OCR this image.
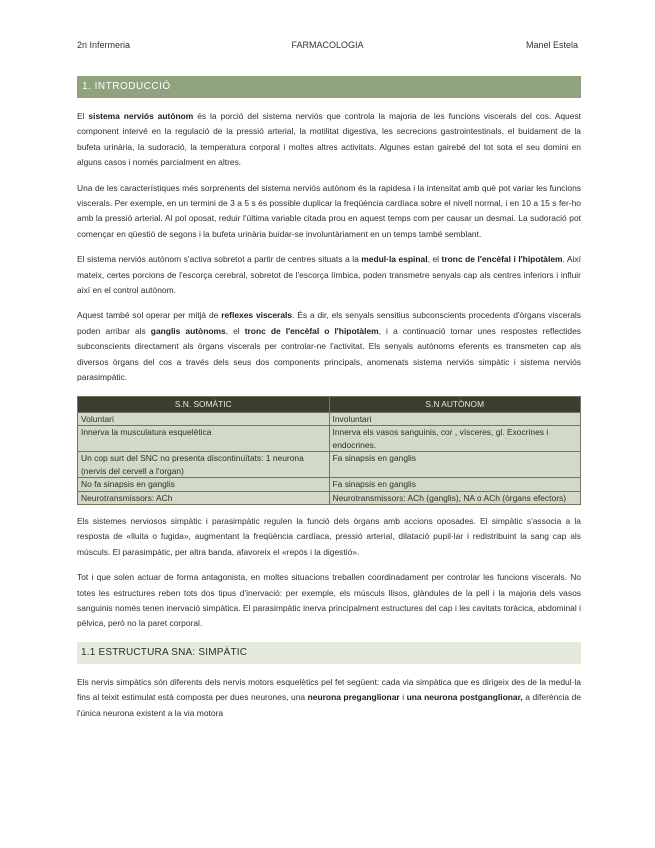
2n Infermeria	FARMACOLOGIA	Manel Estela
1. INTRODUCCIÓ

El sistema nerviós autònom és la porció del sistema nerviós que controla la majoria de les funcions viscerals del cos. Aquest component intervé en la regulació de la pressió arterial, la motilitat digestiva, les secrecions gastrointestinals, el buidament de la bufeta urinària, la sudoració, la temperatura corporal i moltes altres activitats. Algunes estan gairebé del tot sota el seu domini en alguns casos i només parcialment en altres.

Una de les característiques més sorprenents del sistema nerviós autònom és la rapidesa i la intensitat amb què pot variar les funcions viscerals. Per exemple, en un termini de 3 a 5 s és possible duplicar la freqüència cardíaca sobre el nivell normal, i en 10 a 15 s fer-ho amb la pressió arterial. Al pol oposat, reduir l'última variable citada prou en aquest temps com per causar un desmai. La sudoració pot començar en qüestió de segons i la bufeta urinària buidar-se involuntàriament en un temps també semblant.

El sistema nerviós autònom s'activa sobretot a partir de centres situats a la medul·la espinal, el tronc de l'encèfal i l'hipotàlem. Així mateix, certes porcions de l'escorça cerebral, sobretot de l'escorça límbica, poden transmetre senyals cap als centres inferiors i influir així en el control autònom.

Aquest també sol operar per mitjà de reflexes viscerals. És a dir, els senyals sensitius subconscients procedents d'òrgans viscerals poden arribar als ganglis autònoms, el tronc de l'encèfal o l'hipotàlem, i a continuació tornar unes respostes reflectides subconscients directament als òrgans viscerals per controlar-ne l'activitat. Els senyals autònoms eferents es transmeten cap als diversos òrgans del cos a través dels seus dos components principals, anomenats sistema nerviós simpàtic i sistema nerviós parasimpàtic.

S.N. SOMÀTIC	S.N AUTÒNOM
Voluntari	Involuntari
Innerva la musculatura esquelètica	Innerva els vasos sanguinis, cor , vísceres, gl. Exocrines i endocrines.
Un cop surt del SNC no presenta discontinuïtats: 1 neurona (nervis del cervell a l'organ)	Fa sinapsis en ganglis
No fa sinapsis en ganglis	Fa sinapsis en ganglis
Neurotransmissors: ACh	Neurotransmissors: ACh (ganglis), NA o ACh (òrgans efectors)

Els sistemes nerviosos simpàtic i parasimpàtic regulen la funció dels òrgans amb accions oposades. El simpàtic s'associa a la resposta de «lluita o fugida», augmentant la freqüència cardíaca, pressió arterial, dilatació pupil·lar i redistribuint la sang cap als músculs. El parasimpàtic, per altra banda, afavoreix el «repòs i la digestió».

Tot i que solen actuar de forma antagonista, en moltes situacions treballen coordinadament per controlar les funcions viscerals. No totes les estructures reben tots dos tipus d'inervació: per exemple, els músculs llisos, glàndules de la pell i la majoria dels vasos sanguinis només tenen inervació simpàtica. El parasimpàtic inerva principalment estructures del cap i les cavitats toràcica, abdominal i pèlvica, però no la paret corporal.

1.1 ESTRUCTURA SNA: SIMPÀTIC

Els nervis simpàtics són diferents dels nervis motors esquelètics pel fet següent: cada via simpàtica que es dirigeix des de la medul·la fins al teixit estimulat està composta per dues neurones, una neurona preganglionar i una neurona postganglionar, a diferència de l'única neurona existent a la via motora
